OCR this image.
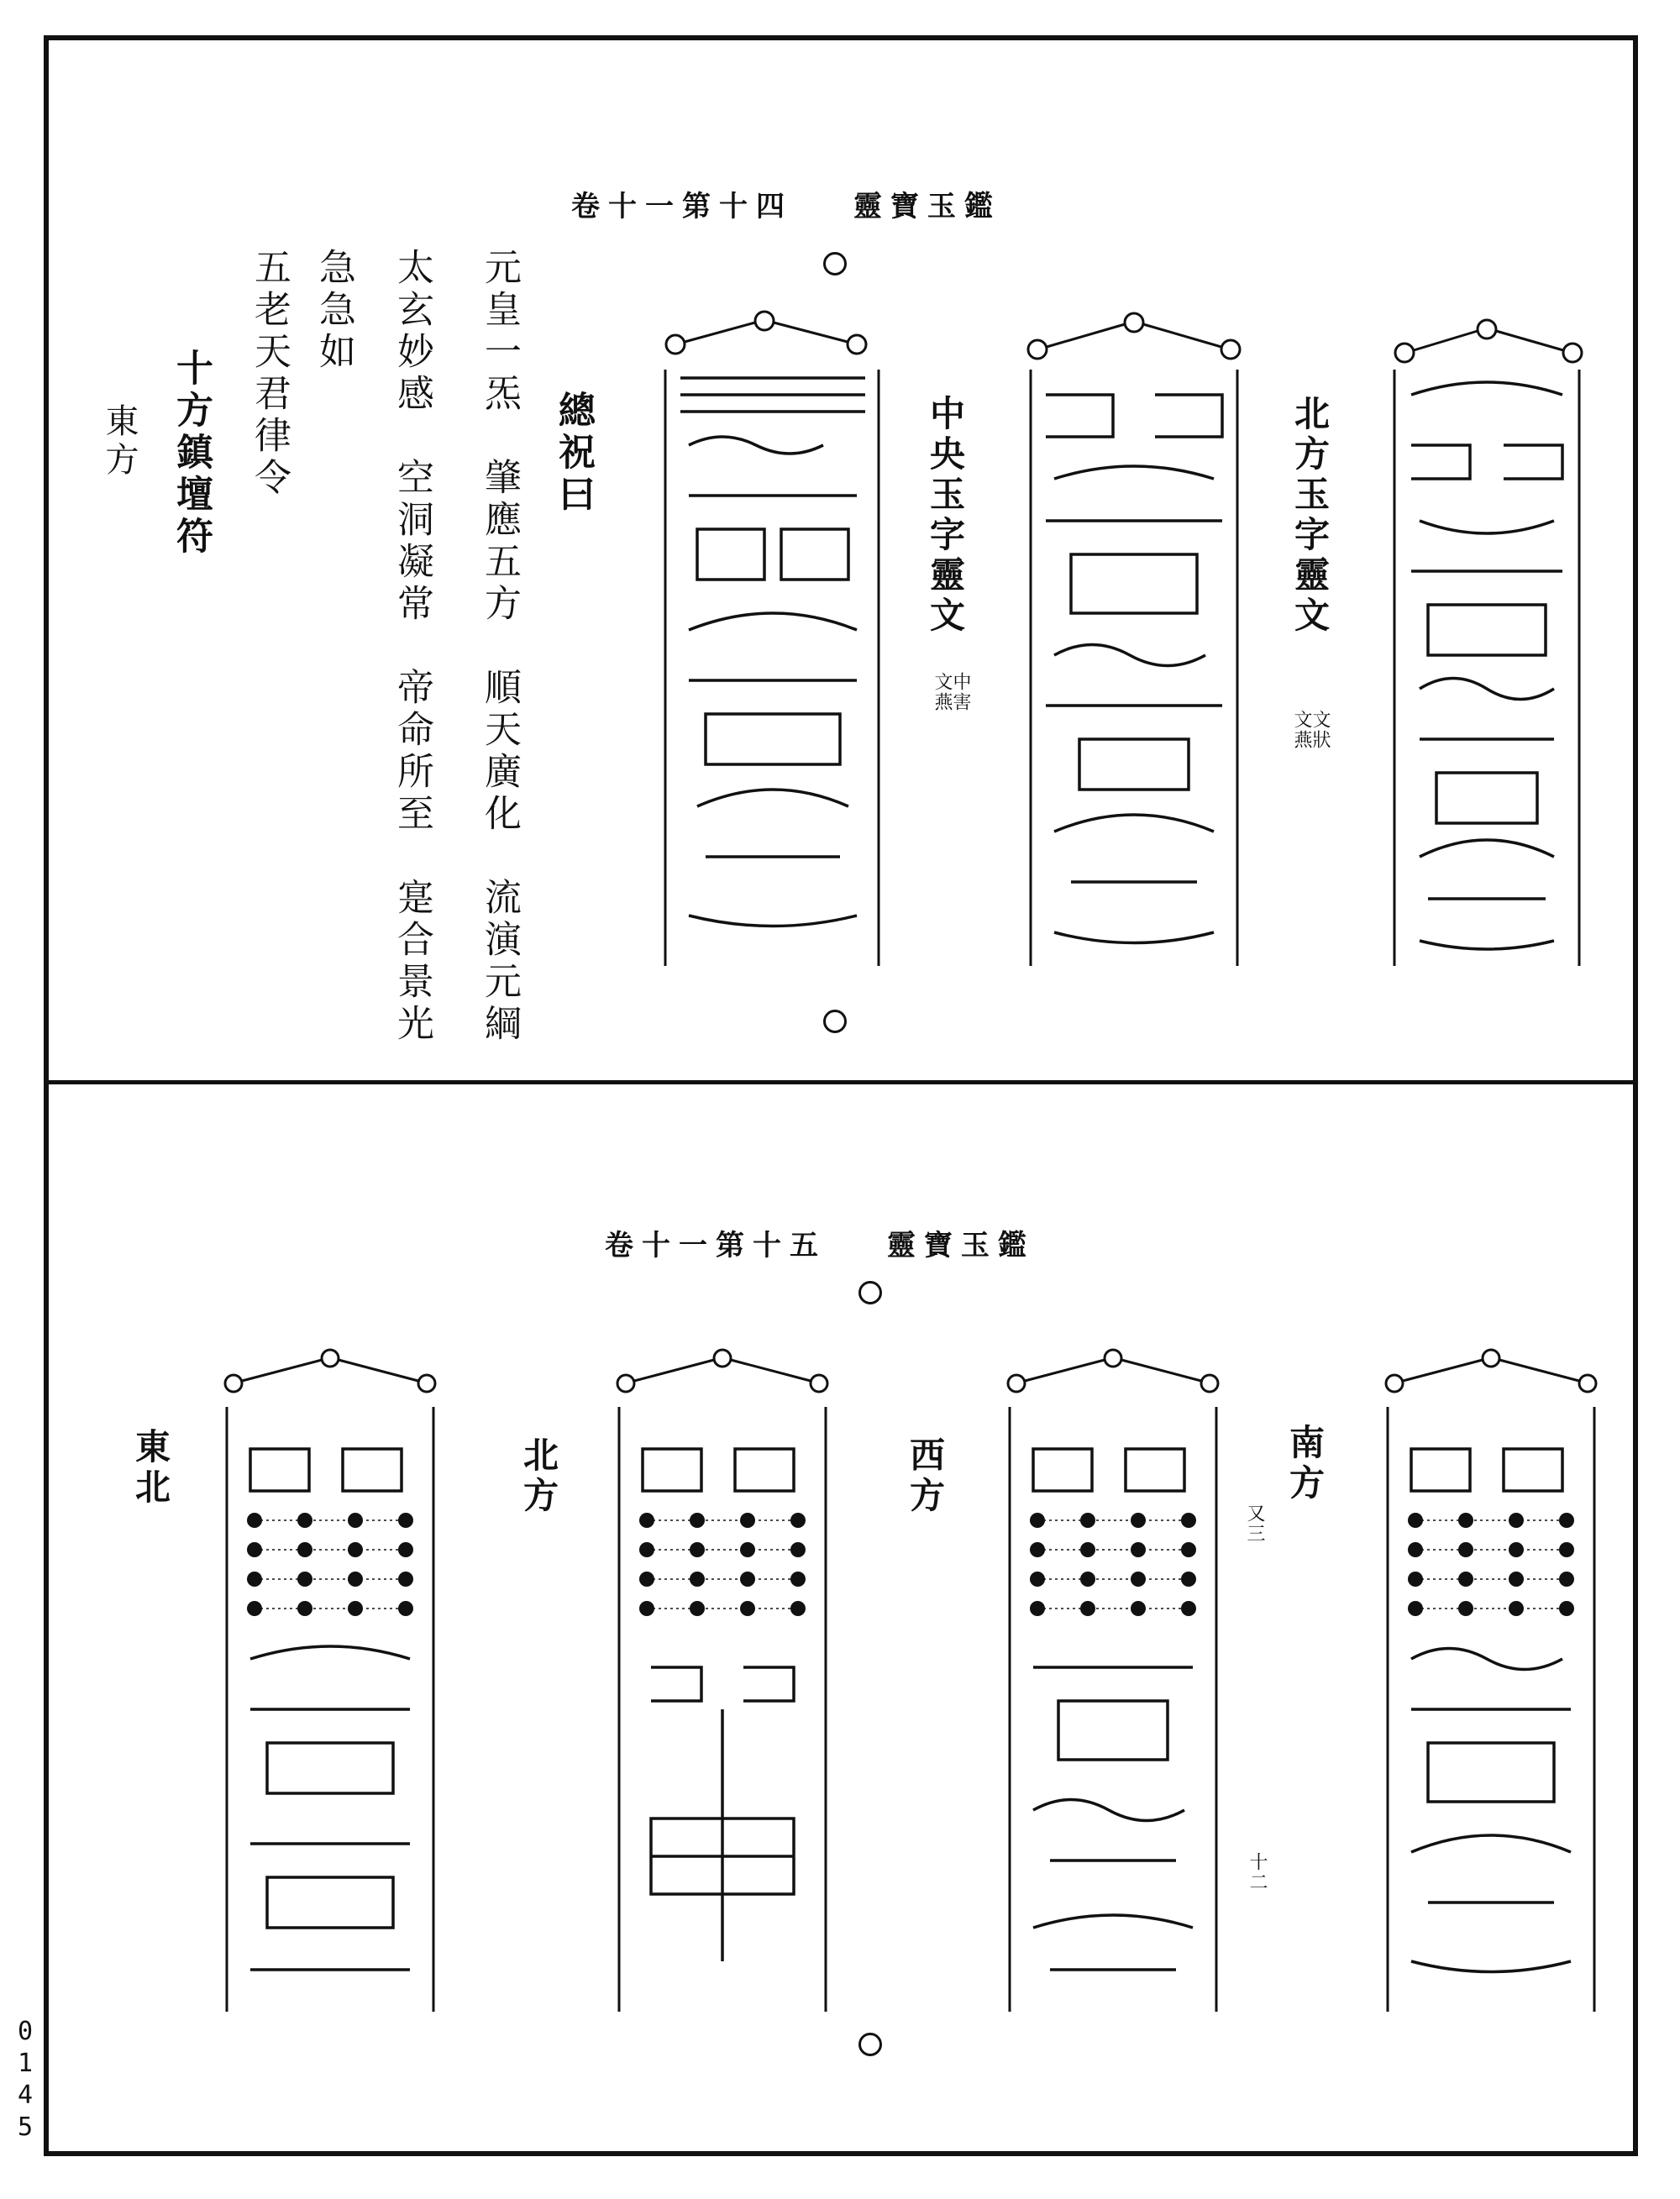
卷十一第十四 靈寶玉鑑
北方玉字靈文
文狀 文燕
中央玉字靈文
中害 文燕
總祝曰
元皇一炁　肇應五方　順天廣化　流演元綱
太玄妙感　空洞凝常　帝命所至　寔合景光
急急如
五老天君律令
十方鎮壇符
東方
卷十一第十五 靈寶玉鑑
南方
又三
十二
西方
北方
東北
0145
